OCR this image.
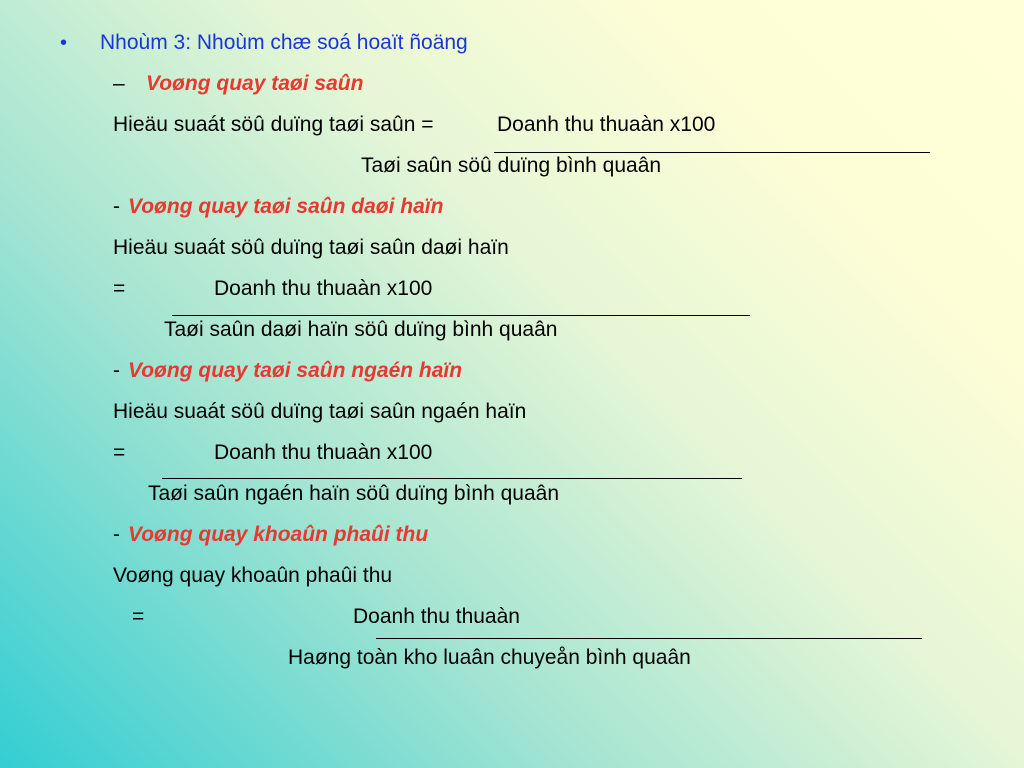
• Nhoùm 3: Nhoùm chæ soá hoaït ñoäng
– Voøng quay taøi saûn
Hieäu suaát söû duïng taøi saûn =	Doanh thu thuaàn x100
Taøi saûn söû duïng bình quaân
- Voøng quay taøi saûn daøi haïn
Hieäu suaát söû duïng taøi saûn daøi haïn
=	Doanh thu thuaàn x100
Taøi saûn daøi haïn söû duïng bình quaân
- Voøng quay taøi saûn ngaén haïn
Hieäu suaát söû duïng taøi saûn ngaén haïn
=	Doanh thu thuaàn x100
Taøi saûn ngaén haïn söû duïng bình quaân
- Voøng quay khoaûn phaûi thu
Voøng quay khoaûn phaûi thu
=	Doanh thu thuaàn
Haøng toàn kho luaân chuyeån bình quaân
